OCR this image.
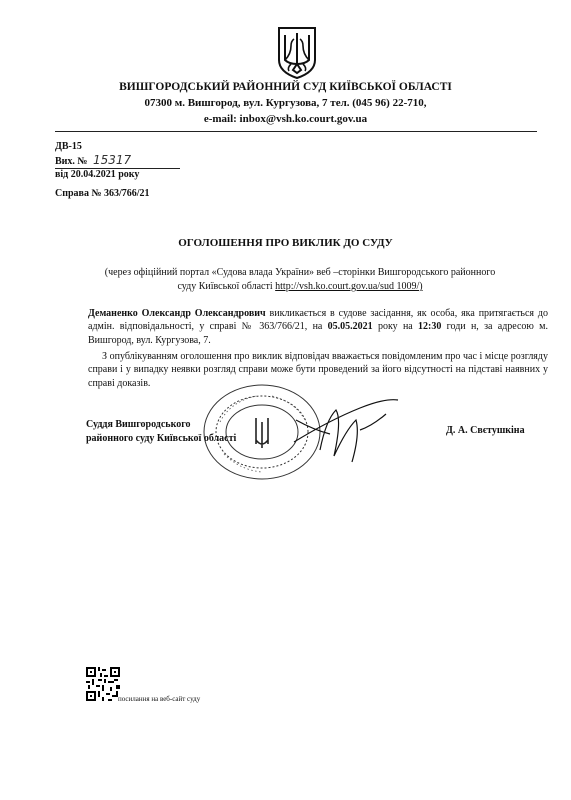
ВИШГОРОДСЬКИЙ РАЙОННИЙ СУД КИЇВСЬКОЇ ОБЛАСТІ
07300 м. Вишгород, вул. Кургузова, 7 тел. (045 96) 22-710,
e-mail: inbox@vsh.ko.court.gov.ua
ДВ-15
Вих. № 15317
від 20.04.2021 року
Справа № 363/766/21
ОГОЛОШЕННЯ ПРО ВИКЛИК ДО СУДУ
(через офіційний портал «Судова влада України» веб –сторінки Вишгородського районного
суду Київської області http://vsh.ko.court.gov.ua/sud 1009/)
Деманенко Олександр Олександрович викликається в судове засідання, як особа, яка притягається до адмін. відповідальності, у справі № 363/766/21, на 05.05.2021 року на 12:30 годи н, за адресою м. Вишгород, вул. Кургузова, 7.
З опублікуванням оголошення про виклик відповідач вважається повідомленим про час і місце розгляду справи і у випадку неявки розгляд справи може бути проведений за його відсутності на підставі наявних у справі доказів.
Суддя Вишгородського
районного суду Київської області
Д. А. Свєтушкіна
посилання на веб-сайт суду
